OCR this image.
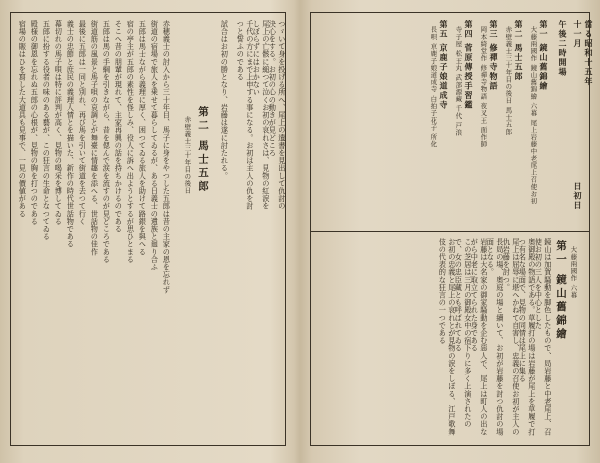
當る昭和十五年十一月
日初日
午後二時開場
第一 鏡山舊錦繪
大藤兩國作 鏡山舊錦繪 六幕 尾上岩藤中老尾上召使お初
第二 馬士五郎
赤壁義士三十年目の後日 馬士五郎
第三 修禪寺物語
岡本綺堂作 修禪寺物語 夜叉王 面作師
第四 菅原傳授手習鑑
寺子屋 松王丸 武部源藏 千代 戸浪
第五 京鹿子娘道成寺
長唄 京鹿子娘道成寺 白拍子花子 所化
第一 鏡山舊錦繪 大藤兩國作 六幕
鏡山は加賀騷動を脚色したもので、局岩藤と中老尾上、召使お初の三人を中心とした
奥御殿の物語である。草履打の場は岩藤が尾上を草履で打つ有名な場面で、見物の同情は尾上に集る
尾上は屈辱に堪へかねて自害し、忠義の召使お初が主人の仇岩藤を討つ。
長局の場、奥庭の場と續いて、お初が岩藤を討つ仇討の場面となる。
岩藤は大名家の御家騷動を企む惡人で、尾上は町人の出ながら中老に取立てられた身である
この芝居は三月の御殿女中の宿下りに多く上演されたので、女の忠臣藏とも呼ばれてゐる
お初の忠義と尾上の哀れとが見物の涙をしぼる、江戸歌舞伎の代表的な狂言の一つである
つゞいて身を投げる所へ、尾上の遺書を見出して仇討の決心をする。お初の心の動きが見どころ
尾上の亡骸に縋つて泣くお初の哀れさは、見物の紅涙をしぼらずにはおかない
千代の方にまで上申する事になる。お初は主人の仇を討つと誓ふのである
試合はお初の勝となり、岩藤は遂に討たれる。
第二 馬士五郎
赤壁義士三十年目の後日
赤穂義士の討入から三十年目、馬子に身をやつした五郎は昔の主家の恩を忘れず
街道の宿場で旅人を乗せて暮らしてゐるが、ある日義士の遺族と廻り合ふ
五郎は馬士ながら義理に厚く、困つてゐる旅人を助けて路銀を與へる
宿の亭主が五郎の素性を怪しみ、役人に訴へ出ようとするが思ひとまる
そこへ昔の朋輩が現れて、主家再興の話を持ちかけるのである
五郎は馬の手綱を引きながら、昔を偲んで涙を流すのが見どころである
街道筋の風景と馬子唄の哀調とが舞臺に情趣を添へる、世話物の佳作
最後に五郎は一同と別れ、再び馬を引いて街道を去つて行く
義士の忠節と庶民の義理人情とを描いた、新作の時代世話物である
幕切れの馬子唄は特に評判が高く、見物の喝采を博してゐる
五郎に扮する役者の味のある藝が、この狂言の生命となつてゐる
殿様の御恩を忘れぬ五郎の心根が、見物の胸を打つのである
宿場の賑はひを寫した大道具も見事で、一見の價値がある
